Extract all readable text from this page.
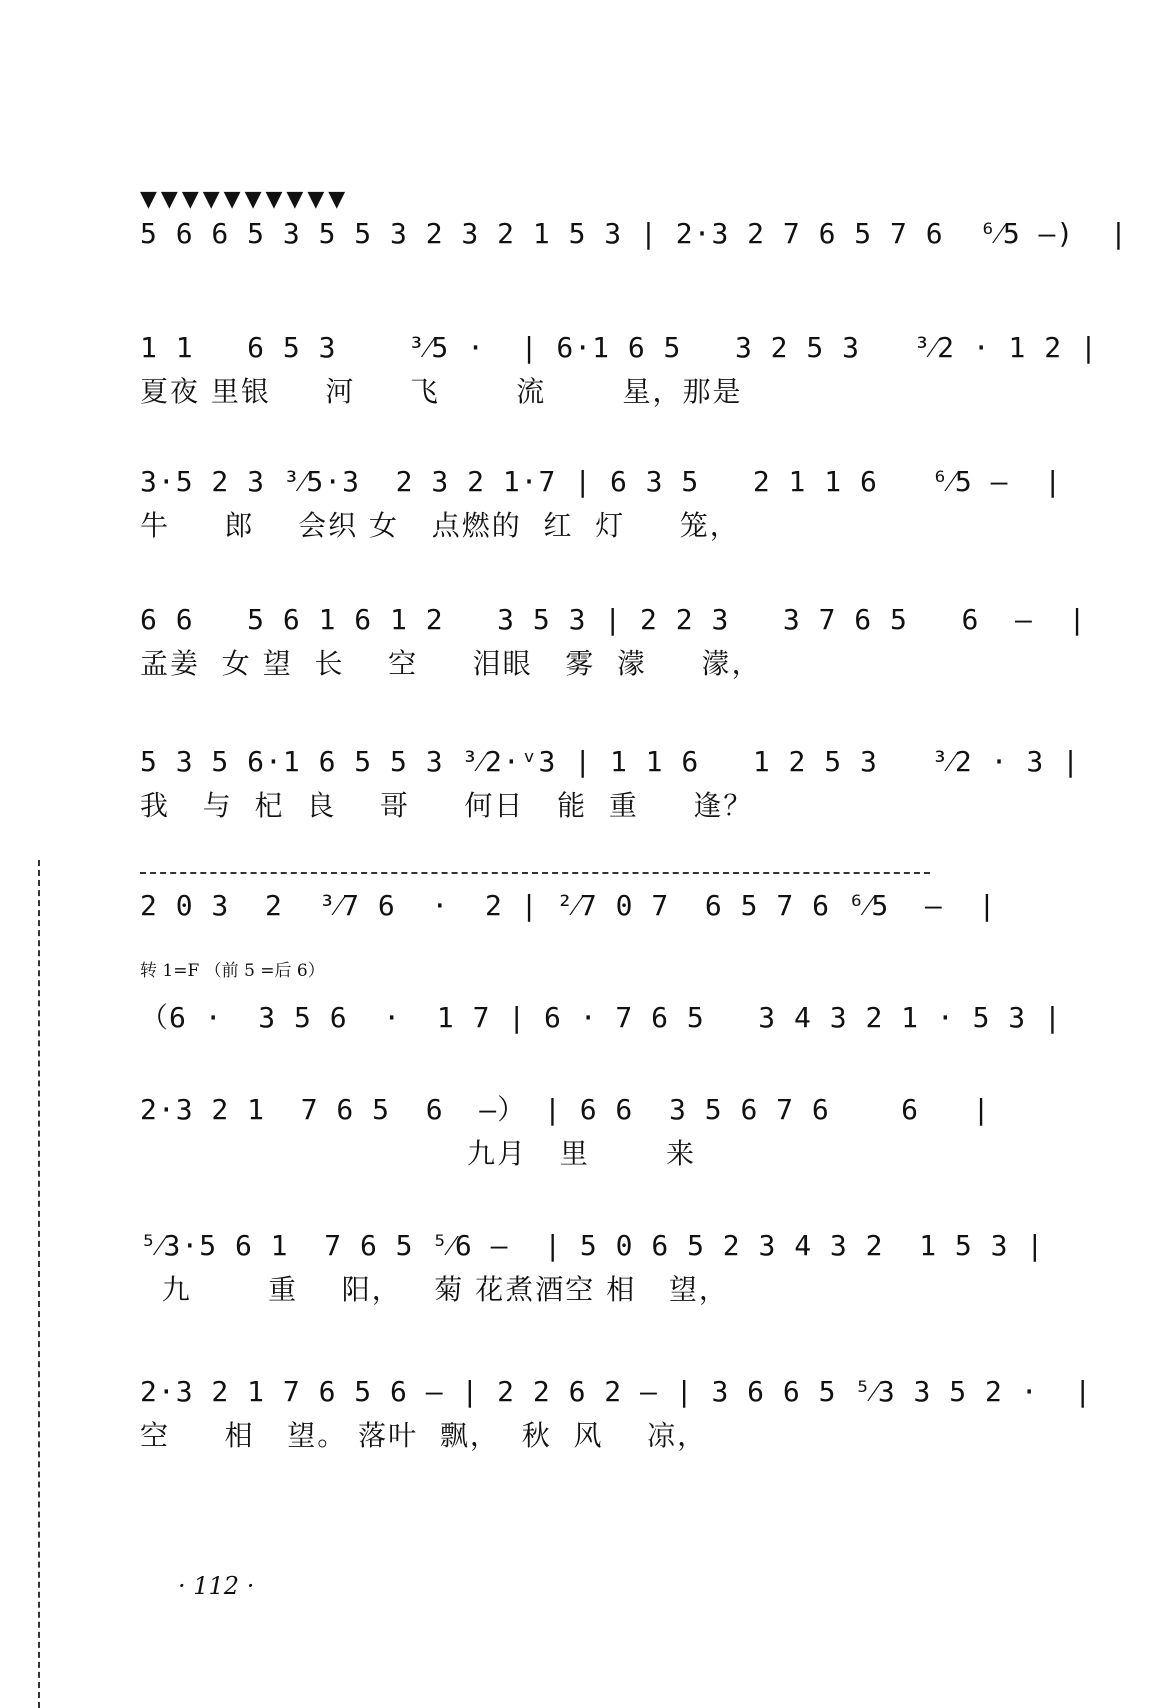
▼▼▼▼▼▼▼▼▼▼
5 6 6 5 3 5 5 3 2 3 2 1 5 3 | 2·3 2 7 6 5 7 6  ⁶⁄5 —)  |
1 1   6 5 3    ³⁄5 ·  | 6·1 6 5   3 2 5 3   ³⁄2 · 1 2 |
夏夜 里银     河     飞       流       星，那是
3·5 2 3 ³⁄5·3  2 3 2 1·7 | 6 3 5   2 1 1 6   ⁶⁄5 —  |
牛     郎    会织 女   点燃的  红  灯     笼，
6 6   5 6 1 6 1 2   3 5 3 | 2 2 3   3 7 6 5   6  —  |
孟姜  女 望  长    空     泪眼   雾  濛     濛，
5 3 5 6·1 6 5 5 3 ³⁄2·ᵛ3 | 1 1 6   1 2 5 3   ³⁄2 · 3 |
我   与  杞  良    哥     何日   能  重     逢？
2 0 3  2  ³⁄7 6  ·  2 | ²⁄7 0 7  6 5 7 6 ⁶⁄5  —  |
转 1=F （前 5 =后 6）
（6 ·  3 5 6  ·  1 7 | 6 · 7 6 5   3 4 3 2 1 · 5 3 |
2·3 2 1  7 6 5  6  —） | 6 6  3 5 6 7 6    6   |
九月   里       来
⁵⁄3·5 6 1  7 6 5 ⁵⁄6 —  | 5 0 6 5 2 3 4 3 2  1 5 3 |
九       重    阳，   菊 花煮酒空 相   望，
2·3 2 1 7 6 5 6 — | 2 2 6 2 — | 3 6 6 5 ⁵⁄3 3 5 2 ·  |
空     相   望。 落叶  飘，  秋  风    凉，
· 112 ·
